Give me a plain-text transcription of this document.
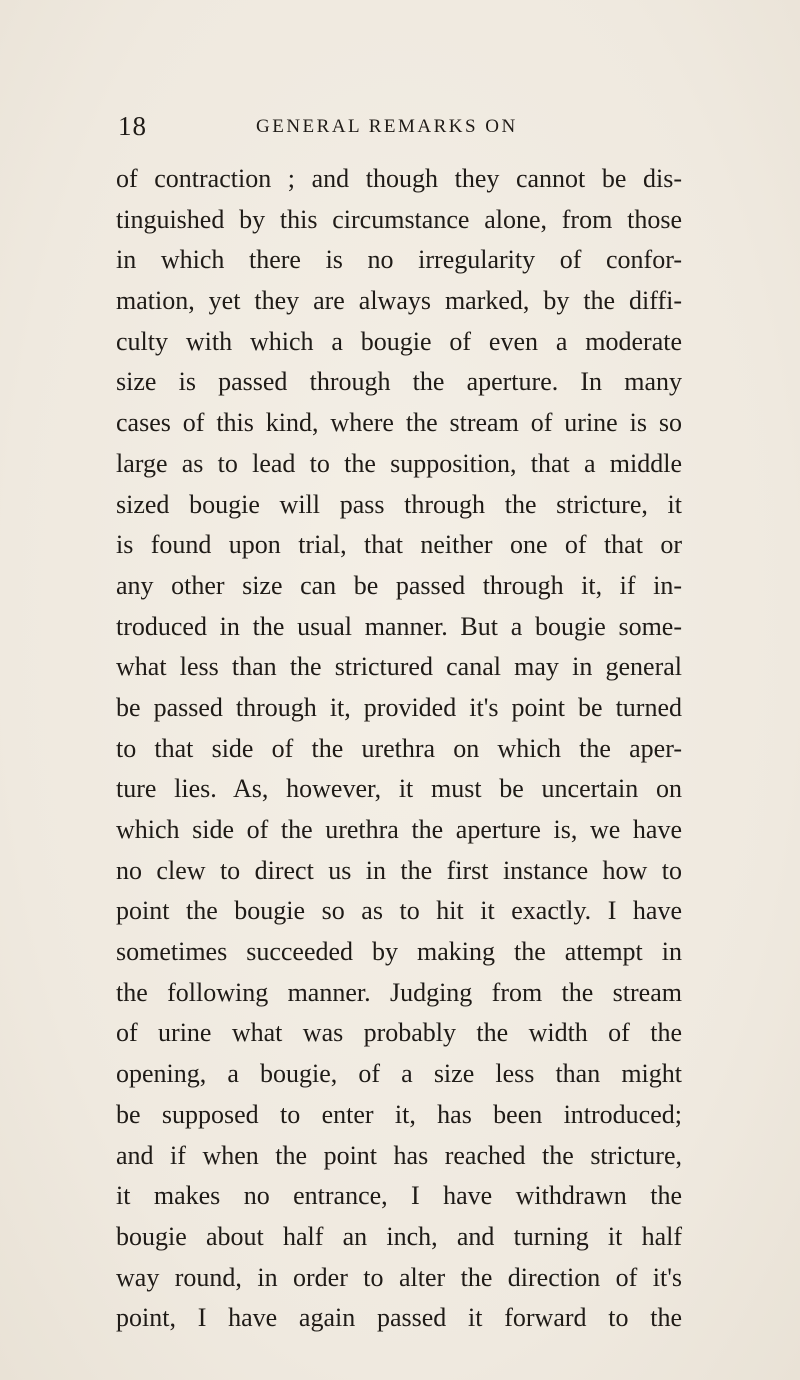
18	GENERAL REMARKS ON
of contraction ; and though they cannot be dis-
tinguished by this circumstance alone, from those
in which there is no irregularity of confor-
mation, yet they are always marked, by the diffi-
culty with which a bougie of even a moderate
size is passed through the aperture. In many
cases of this kind, where the stream of urine is so
large as to lead to the supposition, that a middle
sized bougie will pass through the stricture, it
is found upon trial, that neither one of that or
any other size can be passed through it, if in-
troduced in the usual manner. But a bougie some-
what less than the strictured canal may in general
be passed through it, provided it's point be turned
to that side of the urethra on which the aper-
ture lies. As, however, it must be uncertain on
which side of the urethra the aperture is, we have
no clew to direct us in the first instance how to
point the bougie so as to hit it exactly. I have
sometimes succeeded by making the attempt in
the following manner. Judging from the stream
of urine what was probably the width of the
opening, a bougie, of a size less than might
be supposed to enter it, has been introduced;
and if when the point has reached the stricture,
it makes no entrance, I have withdrawn the
bougie about half an inch, and turning it half
way round, in order to alter the direction of it's
point, I have again passed it forward to the
